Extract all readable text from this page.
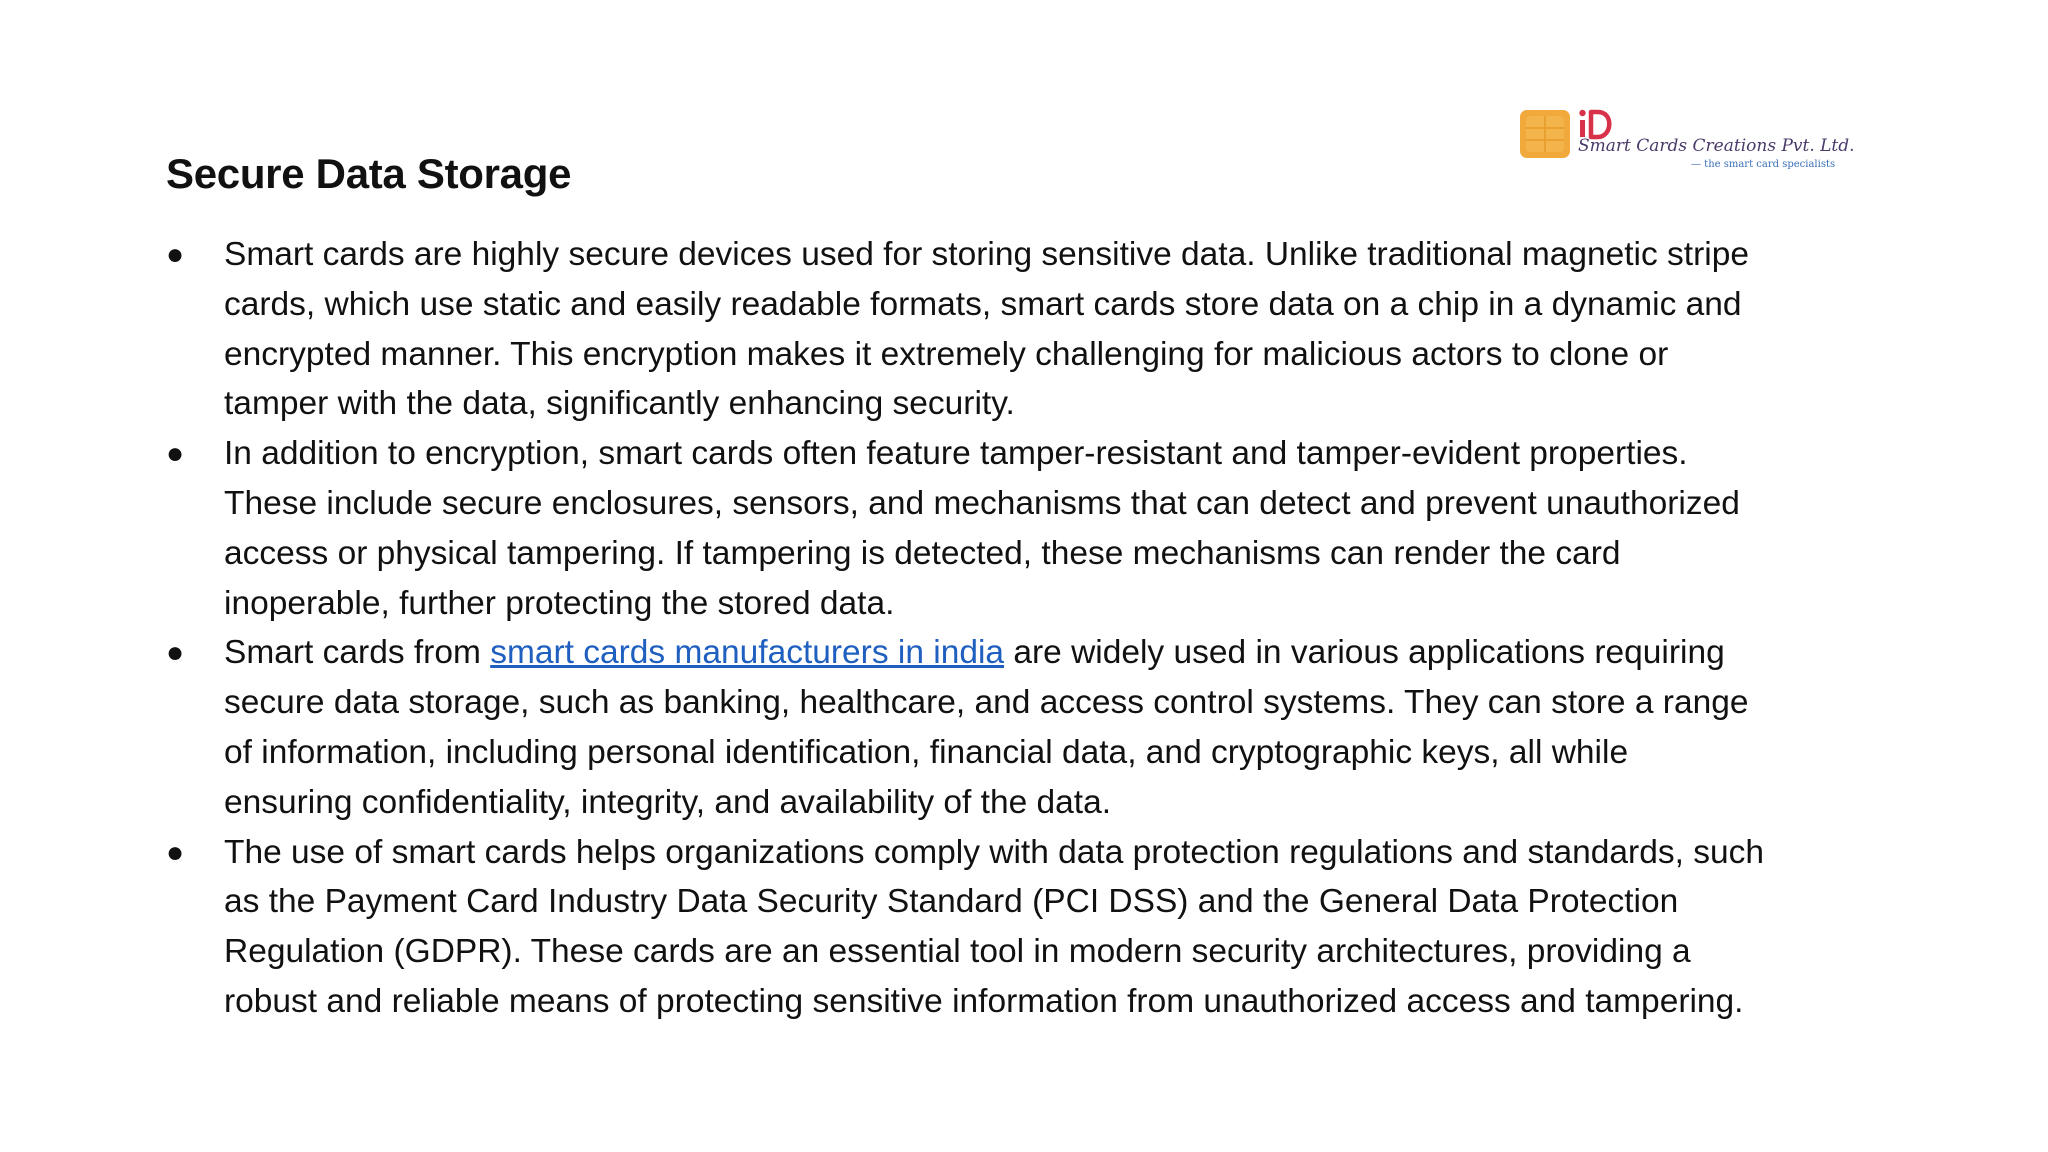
Smart Cards Creations Pvt. Ltd.
— the smart card specialists
Secure Data Storage
● Smart cards are highly secure devices used for storing sensitive data. Unlike traditional magnetic stripe cards, which use static and easily readable formats, smart cards store data on a chip in a dynamic and encrypted manner. This encryption makes it extremely challenging for malicious actors to clone or tamper with the data, significantly enhancing security.
● In addition to encryption, smart cards often feature tamper-resistant and tamper-evident properties. These include secure enclosures, sensors, and mechanisms that can detect and prevent unauthorized access or physical tampering. If tampering is detected, these mechanisms can render the card inoperable, further protecting the stored data.
● Smart cards from smart cards manufacturers in india are widely used in various applications requiring secure data storage, such as banking, healthcare, and access control systems. They can store a range of information, including personal identification, financial data, and cryptographic keys, all while ensuring confidentiality, integrity, and availability of the data.
● The use of smart cards helps organizations comply with data protection regulations and standards, such as the Payment Card Industry Data Security Standard (PCI DSS) and the General Data Protection Regulation (GDPR). These cards are an essential tool in modern security architectures, providing a robust and reliable means of protecting sensitive information from unauthorized access and tampering.
